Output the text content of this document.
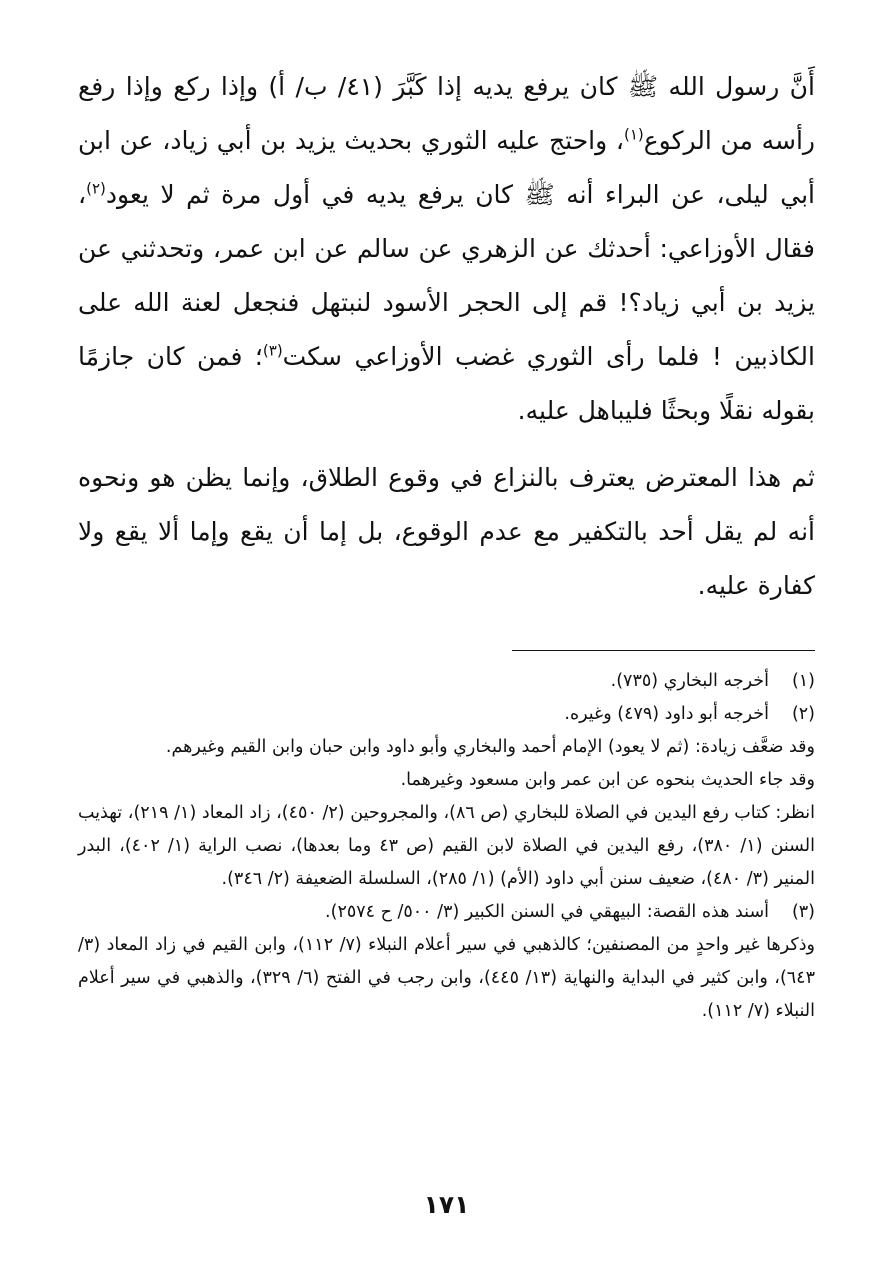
أَنَّ رسول الله ﷺ كان يرفع يديه إذا كَبَّرَ (٤١/ ب/ أ) وإذا ركع وإذا رفع رأسه من الركوع$^{(١)}$، واحتج عليه الثوري بحديث يزيد بن أبي زياد، عن ابن أبي ليلى، عن البراء أنه ﷺ كان يرفع يديه في أول مرة ثم لا يعود$^{(٢)}$، فقال الأوزاعي: أحدثك عن الزهري عن سالم عن ابن عمر، وتحدثني عن يزيد بن أبي زياد؟! قم إلى الحجر الأسود لنبتهل فنجعل لعنة الله على الكاذبين ! فلما رأى الثوري غضب الأوزاعي سكت$^{(٣)}$؛ فمن كان جازمًا بقوله نقلًا وبحثًا فليباهل عليه.

ثم هذا المعترض يعترف بالنزاع في وقوع الطلاق، وإنما يظن هو ونحوه أنه لم يقل أحد بالتكفير مع عدم الوقوع، بل إما أن يقع وإما ألا يقع ولا كفارة عليه.

(١)
أخرجه البخاري (٧٣٥).
(٢)
أخرجه أبو داود (٤٧٩) وغيره.

وقد ضعَّف زيادة: (ثم لا يعود) الإمام أحمد والبخاري وأبو داود وابن حبان وابن القيم وغيرهم.

وقد جاء الحديث بنحوه عن ابن عمر وابن مسعود وغيرهما.

انظر: كتاب رفع اليدين في الصلاة للبخاري (ص ٨٦)، والمجروحين (٢/ ٤٥٠)، زاد المعاد (١/ ٢١٩)، تهذيب السنن (١/ ٣٨٠)، رفع اليدين في الصلاة لابن القيم (ص ٤٣ وما بعدها)، نصب الراية (١/ ٤٠٢)، البدر المنير (٣/ ٤٨٠)، ضعيف سنن أبي داود (الأم) (١/ ٢٨٥)، السلسلة الضعيفة (٢/ ٣٤٦).

(٣)
أسند هذه القصة: البيهقي في السنن الكبير (٣/ ٥٠٠/ ح ٢٥٧٤).

وذكرها غير واحدٍ من المصنفين؛ كالذهبي في سير أعلام النبلاء (٧/ ١١٢)، وابن القيم في زاد المعاد (٣/ ٦٤٣)، وابن كثير في البداية والنهاية (١٣/ ٤٤٥)، وابن رجب في الفتح (٦/ ٣٢٩)، والذهبي في سير أعلام النبلاء (٧/ ١١٢).

١٧١
